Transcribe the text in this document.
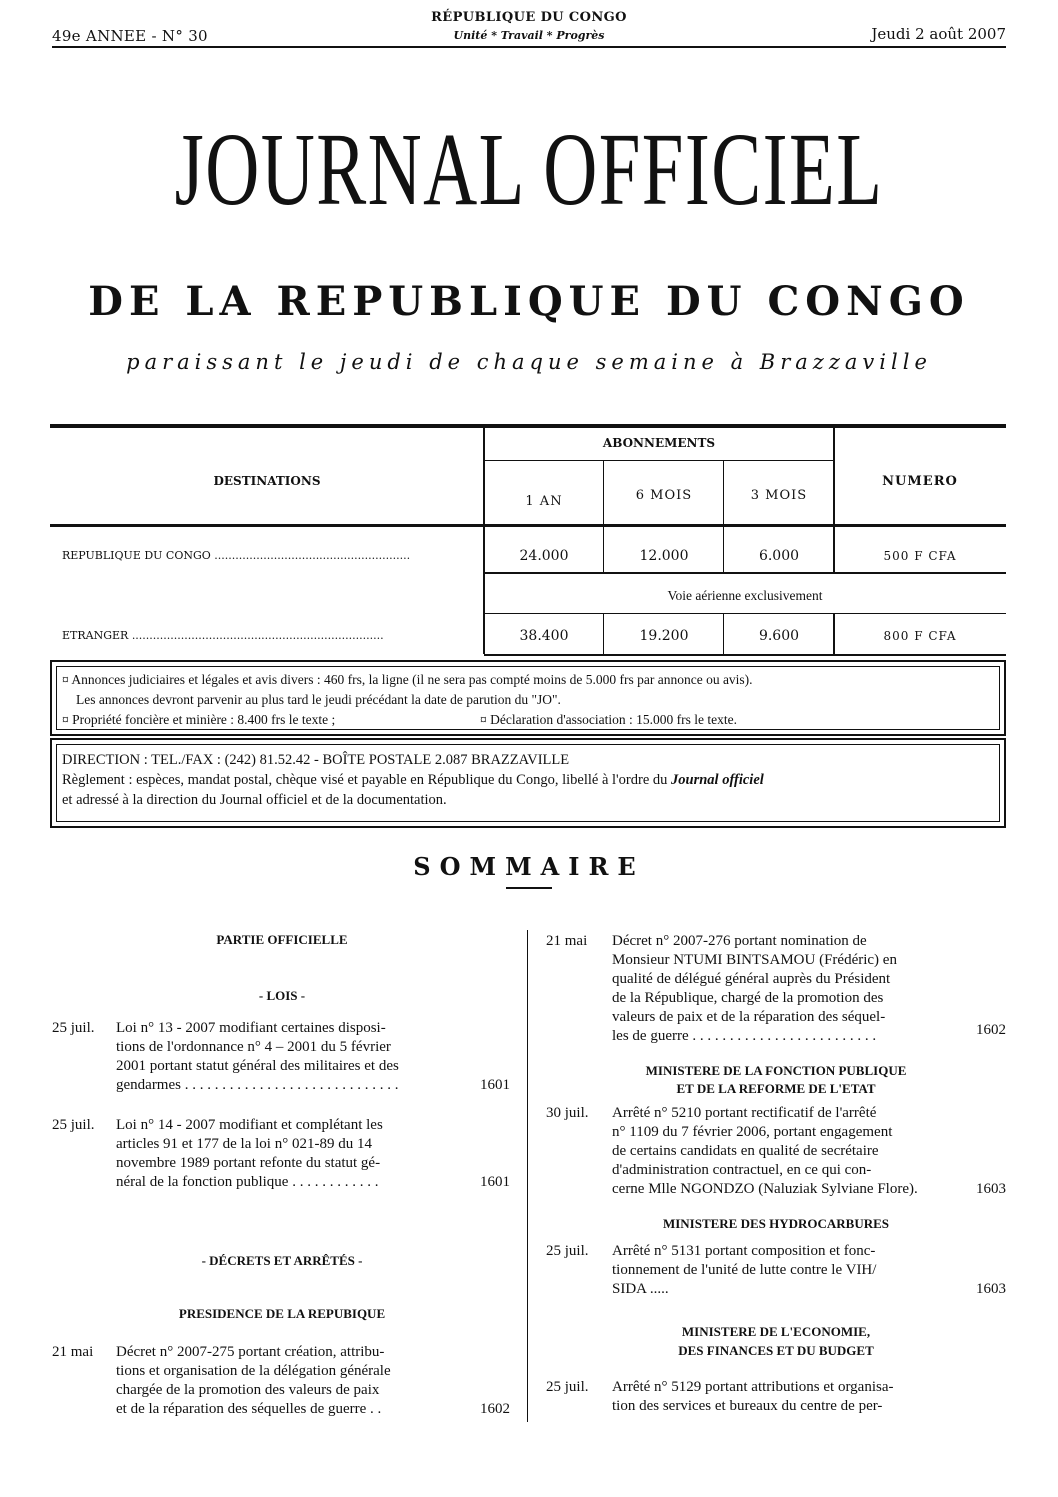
49e ANNEE - N° 30
RÉPUBLIQUE DU CONGO
Unité * Travail * Progrès	Jeudi 2 août 2007
JOURNAL OFFICIEL
DE LA REPUBLIQUE DU CONGO
paraissant le jeudi de chaque semaine à Brazzaville
DESTINATIONS
ABONNEMENTS
1 AN	6 MOIS	3 MOIS
NUMERO
REPUBLIQUE DU CONGO ........................................................	24.000	12.000	6.000	500 F CFA
Voie aérienne exclusivement
ETRANGER ........................................................................	38.400	19.200	9.600	800 F CFA
¤ Annonces judiciaires et légales et avis divers : 460 frs, la ligne (il ne sera pas compté moins de 5.000 frs par annonce ou avis).
Les annonces devront parvenir au plus tard le jeudi précédant la date de parution du "JO".
¤ Propriété foncière et minière : 8.400 frs le texte ;	¤ Déclaration d'association : 15.000 frs le texte.
DIRECTION : TEL./FAX : (242) 81.52.42 - BOÎTE POSTALE 2.087 BRAZZAVILLE
Règlement : espèces, mandat postal, chèque visé et payable en République du Congo, libellé à l'ordre du Journal officiel
et adressé à la direction du Journal officiel et de la documentation.
SOMMAIRE
PARTIE OFFICIELLE
- LOIS -
25 juil. Loi n° 13 - 2007 modifiant certaines disposi-
tions de l'ordonnance n° 4 – 2001 du 5 février
2001 portant statut général des militaires et des
gendarmes . . . . . . . . . . . . . . . . . . . . . . . . . . . . .	1601
25 juil. Loi n° 14 - 2007 modifiant et complétant les
articles 91 et 177 de la loi n° 021-89 du 14
novembre 1989 portant refonte du statut gé-
néral de la fonction publique . . . . . . . . . . . .	1601
- DÉCRETS ET ARRÊTÉS -
PRESIDENCE DE LA REPUBIQUE
21 mai Décret n° 2007-275 portant création, attribu-
tions et organisation de la délégation générale
chargée de la promotion des valeurs de paix
et de la réparation des séquelles de guerre . .	1602
21 mai Décret n° 2007-276 portant nomination de
Monsieur NTUMI BINTSAMOU (Frédéric) en
qualité de délégué général auprès du Président
de la République, chargé de la promotion des
valeurs de paix et de la réparation des séquel-
les de guerre . . . . . . . . . . . . . . . . . . . . . . . . .	1602
MINISTERE DE LA FONCTION PUBLIQUE
ET DE LA REFORME DE L'ETAT
30 juil. Arrêté n° 5210 portant rectificatif de l'arrêté
n° 1109 du 7 février 2006, portant engagement
de certains candidats en qualité de secrétaire
d'administration contractuel, en ce qui con-
cerne Mlle NGONDZO (Naluziak Sylviane Flore).	1603
MINISTERE DES HYDROCARBURES
25 juil. Arrêté n° 5131 portant composition et fonc-
tionnement de l'unité de lutte contre le VIH/
SIDA .....	1603
MINISTERE DE L'ECONOMIE,
DES FINANCES ET DU BUDGET
25 juil. Arrêté n° 5129 portant attributions et organisa-
tion des services et bureaux du centre de per-
